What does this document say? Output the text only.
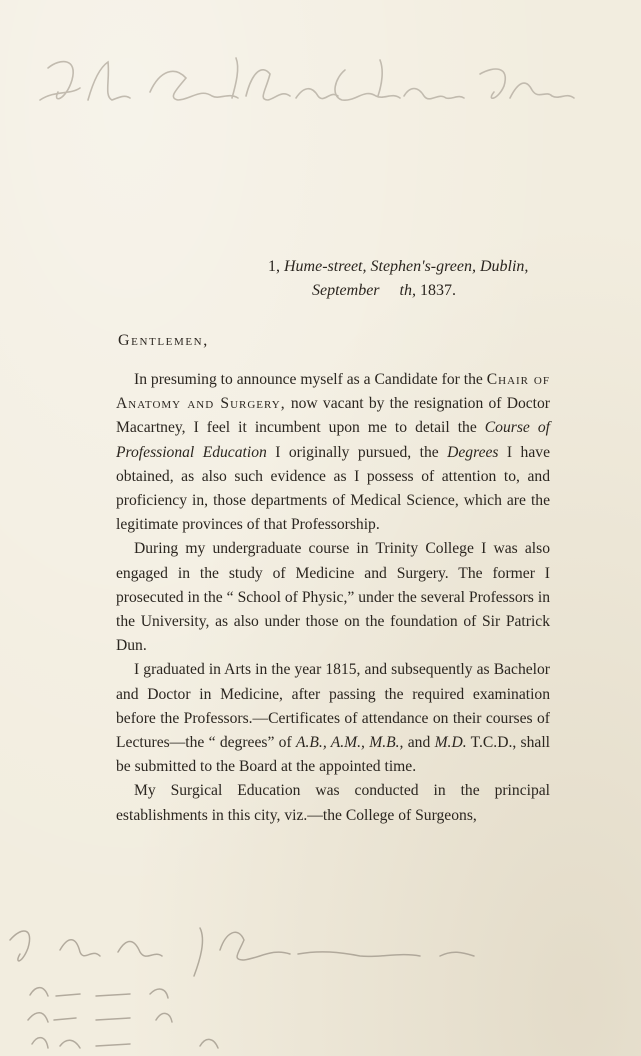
1, Hume-street, Stephen's-green, Dublin,
September th, 1837.
Gentlemen,

In presuming to announce myself as a Candidate for the Chair of Anatomy and Surgery, now vacant by the resignation of Doctor Macartney, I feel it incumbent upon me to detail the Course of Professional Education I originally pursued, the Degrees I have obtained, as also such evidence as I possess of attention to, and proficiency in, those departments of Medical Science, which are the legitimate provinces of that Professorship.

During my undergraduate course in Trinity College I was also engaged in the study of Medicine and Surgery. The former I prosecuted in the “ School of Physic,” under the several Professors in the University, as also under those on the foundation of Sir Patrick Dun.

I graduated in Arts in the year 1815, and subsequently as Bachelor and Doctor in Medicine, after passing the required examination before the Professors.—Certificates of attendance on their courses of Lectures—the “ degrees” of A.B., A.M., M.B., and M.D. T.C.D., shall be submitted to the Board at the appointed time.

My Surgical Education was conducted in the principal establishments in this city, viz.—the College of Surgeons,
